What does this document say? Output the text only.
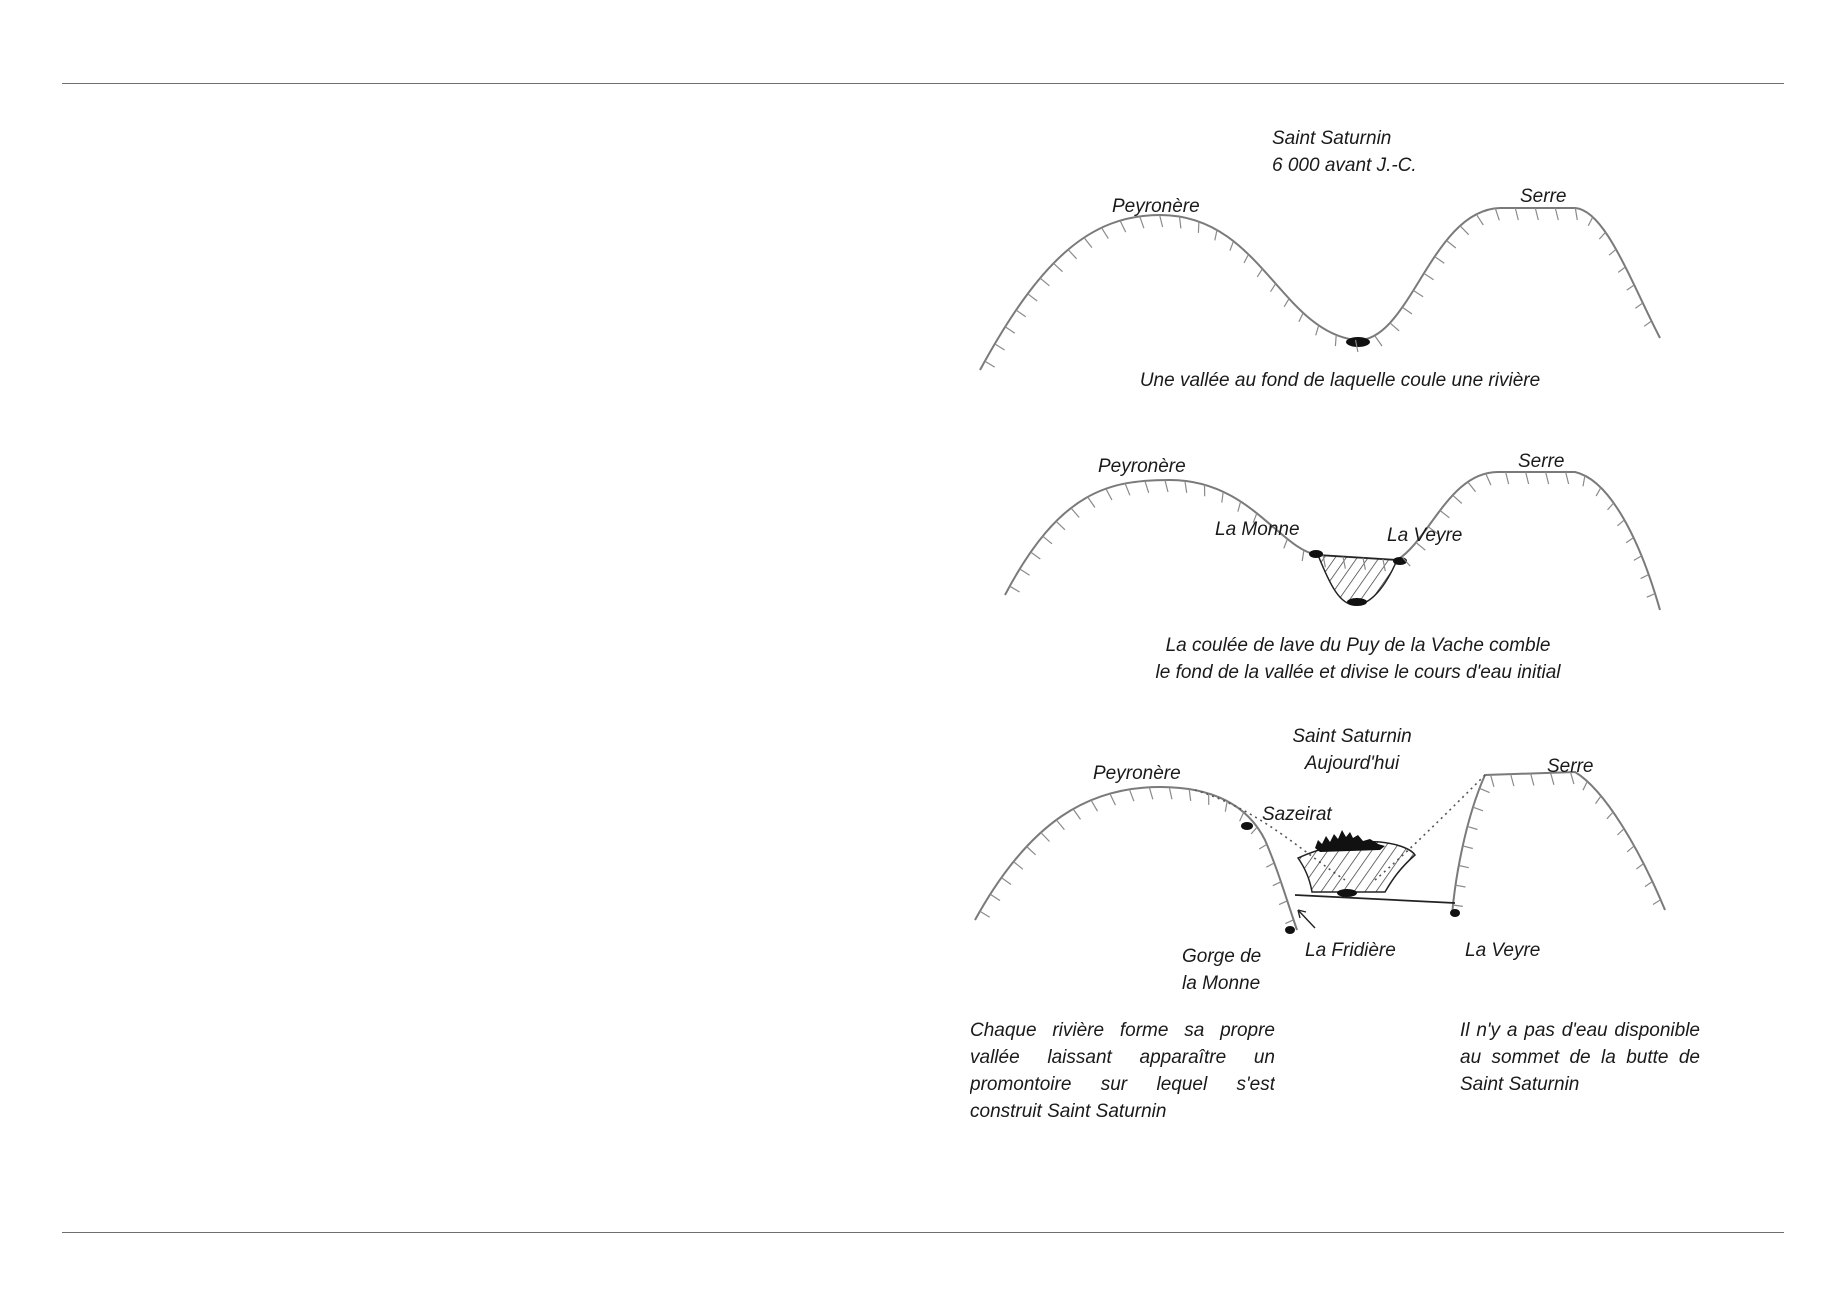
Saint Saturnin
6 000 avant J.-C.
Peyronère	Serre
Une vallée au fond de laquelle coule une rivière
Peyronère	Serre
La Monne	La Veyre
La coulée de lave du Puy de la Vache comble
le fond de la vallée et divise le cours d'eau initial
Saint Saturnin
Aujourd'hui
Peyronère	Serre
Sazeirat
Gorge de
la Monne
La Fridière	La Veyre
Chaque rivière forme sa propre vallée laissant apparaître un promontoire sur lequel s'est construit Saint Saturnin
Il n'y a pas d'eau disponible au sommet de la butte de Saint Saturnin
